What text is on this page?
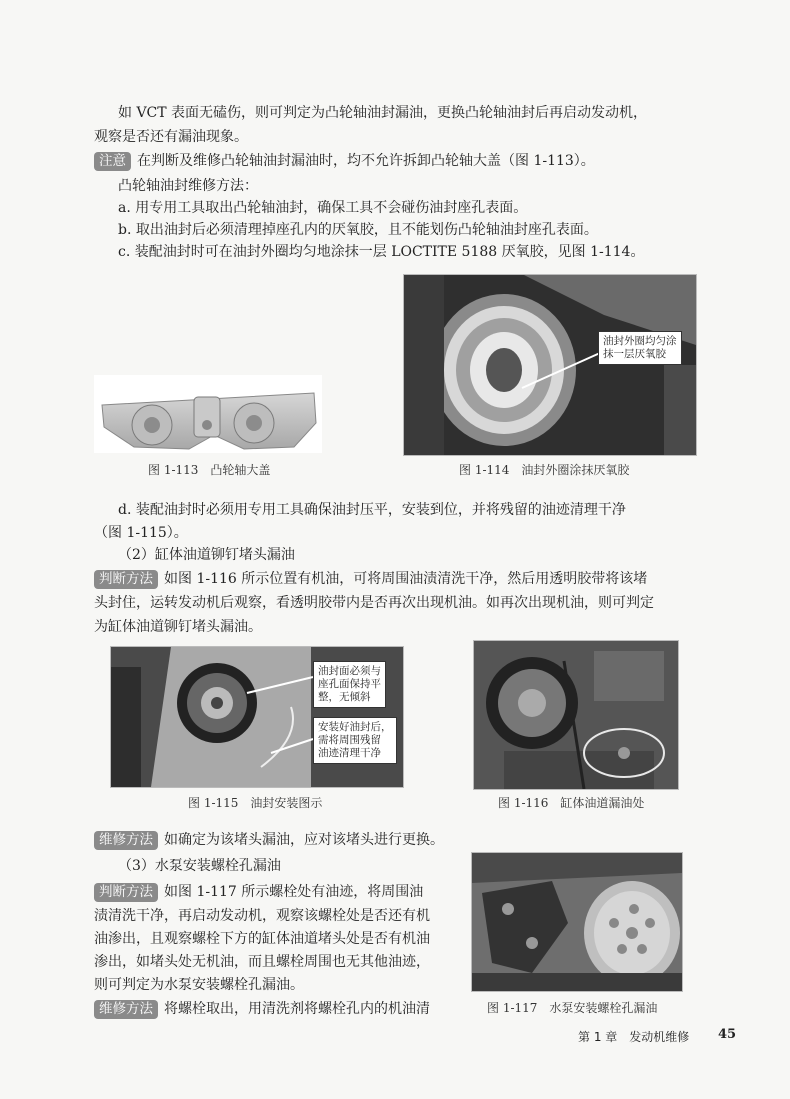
如 VCT 表面无磕伤，则可判定为凸轮轴油封漏油，更换凸轮轴油封后再启动发动机，
观察是否还有漏油现象。
注意 在判断及维修凸轮轴油封漏油时，均不允许拆卸凸轮轴大盖（图 1-113）。
凸轮轴油封维修方法：
a. 用专用工具取出凸轮轴油封，确保工具不会碰伤油封座孔表面。
b. 取出油封后必须清理掉座孔内的厌氧胶，且不能划伤凸轮轴油封座孔表面。
c. 装配油封时可在油封外圈均匀地涂抹一层 LOCTITE 5188 厌氧胶，见图 1-114。
图 1-113　凸轮轴大盖
油封外圈均匀涂
抹一层厌氧胶
图 1-114　油封外圈涂抹厌氧胶
d. 装配油封时必须用专用工具确保油封压平，安装到位，并将残留的油迹清理干净
（图 1-115）。
（2）缸体油道铆钉堵头漏油
判断方法 如图 1-116 所示位置有机油，可将周围油渍清洗干净，然后用透明胶带将该堵
头封住，运转发动机后观察，看透明胶带内是否再次出现机油。如再次出现机油，则可判定
为缸体油道铆钉堵头漏油。
油封面必须与
座孔面保持平
整，无倾斜
安装好油封后，
需将周围残留
油迹清理干净
图 1-115　油封安装图示	图 1-116　缸体油道漏油处
维修方法 如确定为该堵头漏油，应对该堵头进行更换。
（3）水泵安装螺栓孔漏油
判断方法 如图 1-117 所示螺栓处有油迹，将周围油
渍清洗干净，再启动发动机，观察该螺栓处是否还有机
油渗出，且观察螺栓下方的缸体油道堵头处是否有机油
渗出，如堵头处无机油，而且螺栓周围也无其他油迹，
则可判定为水泵安装螺栓孔漏油。
维修方法 将螺栓取出，用清洗剂将螺栓孔内的机油清	图 1-117　水泵安装螺栓孔漏油
第 1 章　发动机维修 45
